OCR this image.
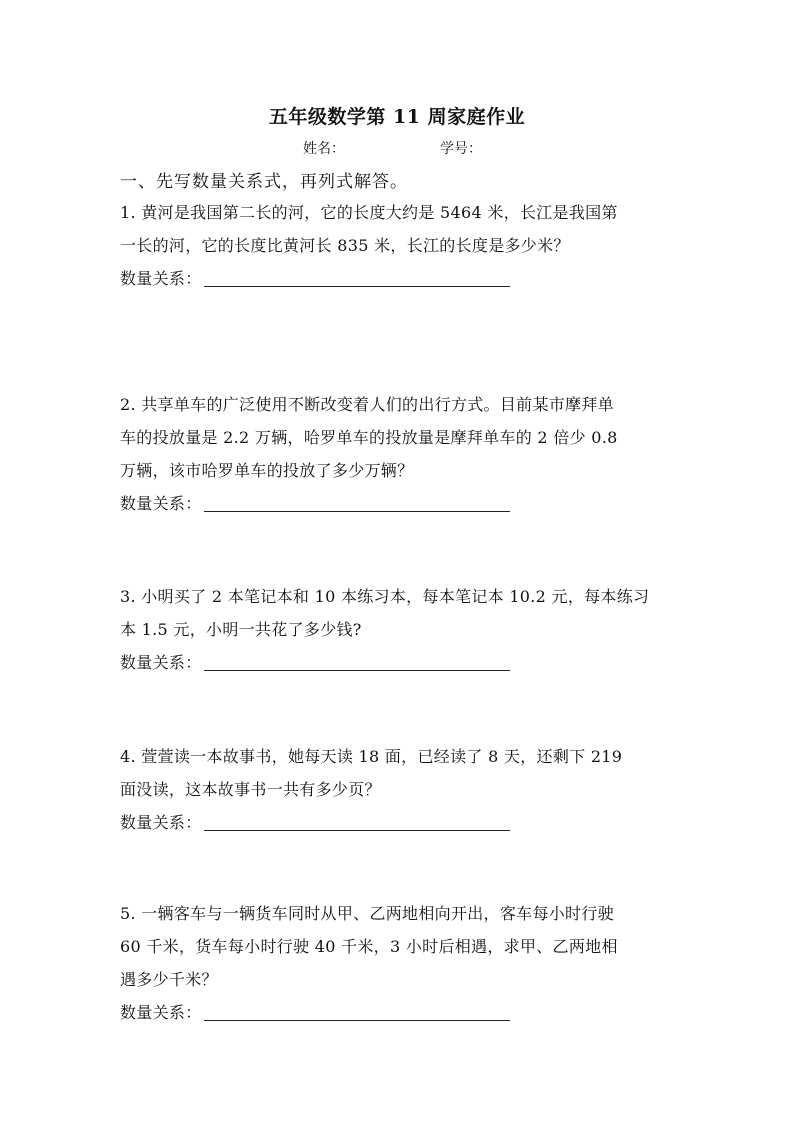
五年级数学第 11 周家庭作业
姓名：	学号：
一、先写数量关系式，再列式解答。
1. 黄河是我国第二长的河，它的长度大约是 5464 米，长江是我国第
一长的河，它的长度比黄河长 835 米，长江的长度是多少米？
数量关系：
2. 共享单车的广泛使用不断改变着人们的出行方式。目前某市摩拜单
车的投放量是 2.2 万辆，哈罗单车的投放量是摩拜单车的 2 倍少 0.8
万辆，该市哈罗单车的投放了多少万辆？
数量关系：
3. 小明买了 2 本笔记本和 10 本练习本，每本笔记本 10.2 元，每本练习
本 1.5 元，小明一共花了多少钱?
数量关系：
4. 萱萱读一本故事书，她每天读 18 面，已经读了 8 天，还剩下 219
面没读，这本故事书一共有多少页？
数量关系：
5. 一辆客车与一辆货车同时从甲、乙两地相向开出，客车每小时行驶
60 千米，货车每小时行驶 40 千米，3 小时后相遇，求甲、乙两地相
遇多少千米？
数量关系：
